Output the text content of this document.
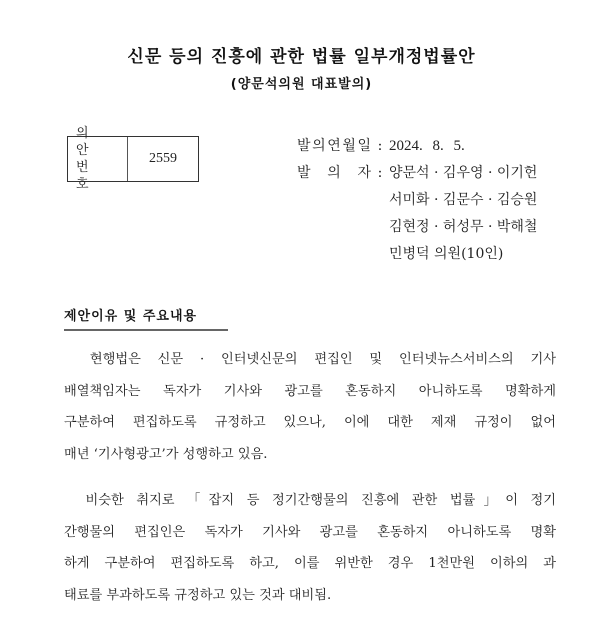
신문 등의 진흥에 관한 법률 일부개정법률안
(양문석의원 대표발의)
의 안
번 호
2559
발 의 연 월 일 : 2024. 8. 5.
발 의 자 : 양문석 · 김우영 · 이기헌
서미화 · 김문수 · 김승원
김현정 · 허성무 · 박해철
민병덕 의원(10인)
제안이유 및 주요내용
　현행법은 신문 · 인터넷신문의 편집인 및 인터넷뉴스서비스의 기사
배열책임자는 독자가 기사와 광고를 혼동하지 아니하도록 명확하게
구분하여 편집하도록 규정하고 있으나, 이에 대한 제재 규정이 없어
매년 ‘기사형광고’가 성행하고 있음.
　비슷한 취지로 「잡지 등 정기간행물의 진흥에 관한 법률」이 정기
간행물의 편집인은 독자가 기사와 광고를 혼동하지 아니하도록 명확
하게 구분하여 편집하도록 하고, 이를 위반한 경우 1천만원 이하의 과
태료를 부과하도록 규정하고 있는 것과 대비됨.
